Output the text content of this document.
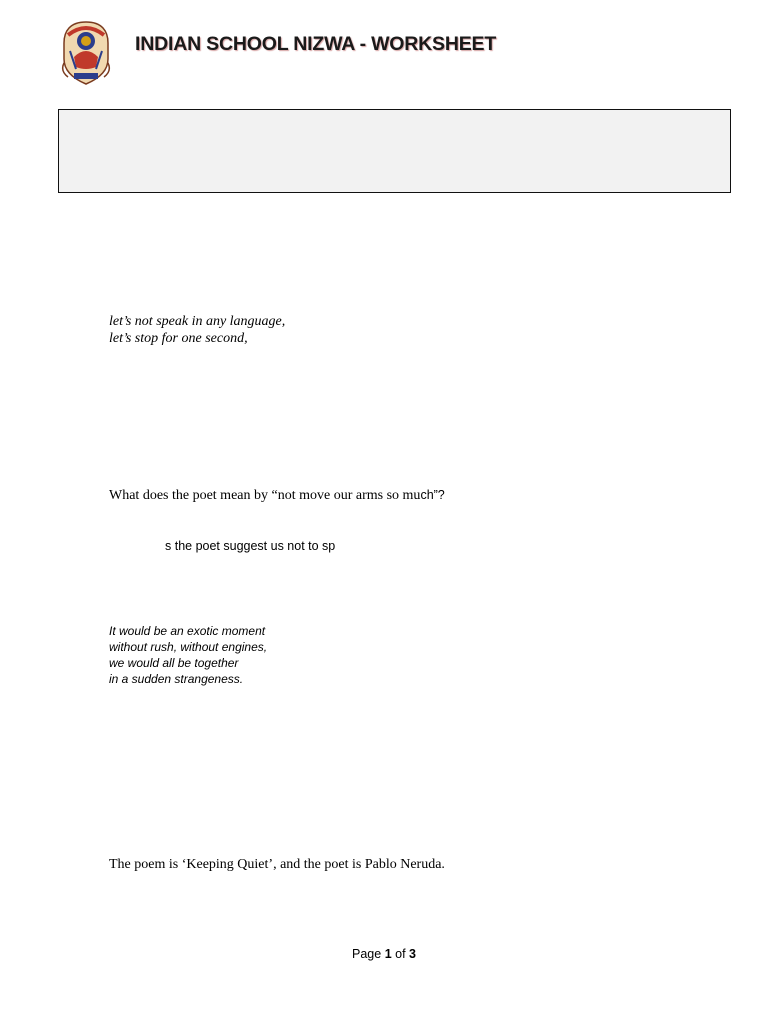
INDIAN SCHOOL NIZWA - WORKSHEET
let’s not speak in any language,
let’s stop for one second,
What does the poet mean by “not move our arms so much”?
s the poet suggest us not to sp
It would be an exotic moment
without rush, without engines,
we would all be together
in a sudden strangeness.
The poem is ‘Keeping Quiet’, and the poet is Pablo Neruda.
Page 1 of 3
